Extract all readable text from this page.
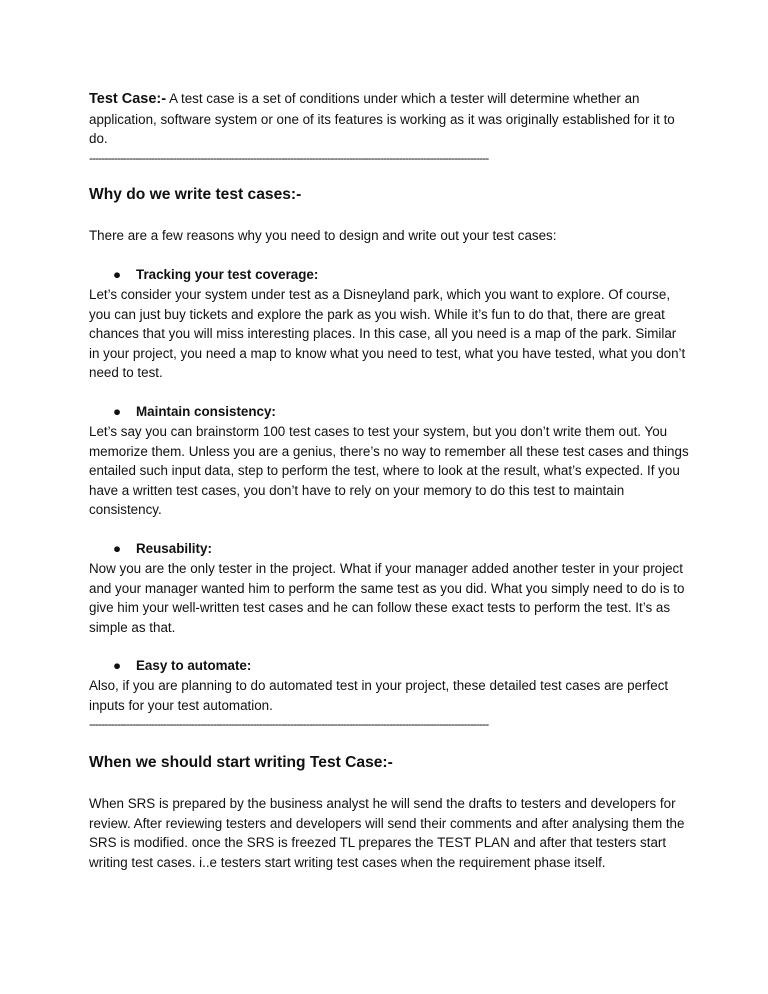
Test Case:- A test case is a set of conditions under which a tester will determine whether an application, software system or one of its features is working as it was originally established for it to do.

---------------------------------------------------------------------------------------------------------------------------------
Why do we write test cases:-

There are a few reasons why you need to design and write out your test cases:

● Tracking your test coverage:

Let’s consider your system under test as a Disneyland park, which you want to explore. Of course, you can just buy tickets and explore the park as you wish. While it’s fun to do that, there are great chances that you will miss interesting places. In this case, all you need is a map of the park. Similar in your project, you need a map to know what you need to test, what you have tested, what you don’t need to test.

● Maintain consistency:

Let’s say you can brainstorm 100 test cases to test your system, but you don’t write them out. You memorize them. Unless you are a genius, there’s no way to remember all these test cases and things entailed such input data, step to perform the test, where to look at the result, what’s expected. If you have a written test cases, you don’t have to rely on your memory to do this test to maintain consistency.

● Reusability:

Now you are the only tester in the project. What if your manager added another tester in your project and your manager wanted him to perform the same test as you did. What you simply need to do is to give him your well-written test cases and he can follow these exact tests to perform the test. It’s as simple as that.

● Easy to automate:

Also, if you are planning to do automated test in your project, these detailed test cases are perfect inputs for your test automation.

---------------------------------------------------------------------------------------------------------------------------------
When we should start writing Test Case:-

When SRS is prepared by the business analyst he will send the drafts to testers and developers for review. After reviewing testers and developers will send their comments and after analysing them the SRS is modified. once the SRS is freezed TL prepares the TEST PLAN and after that testers start writing test cases. i..e testers start writing test cases when the requirement phase itself.
